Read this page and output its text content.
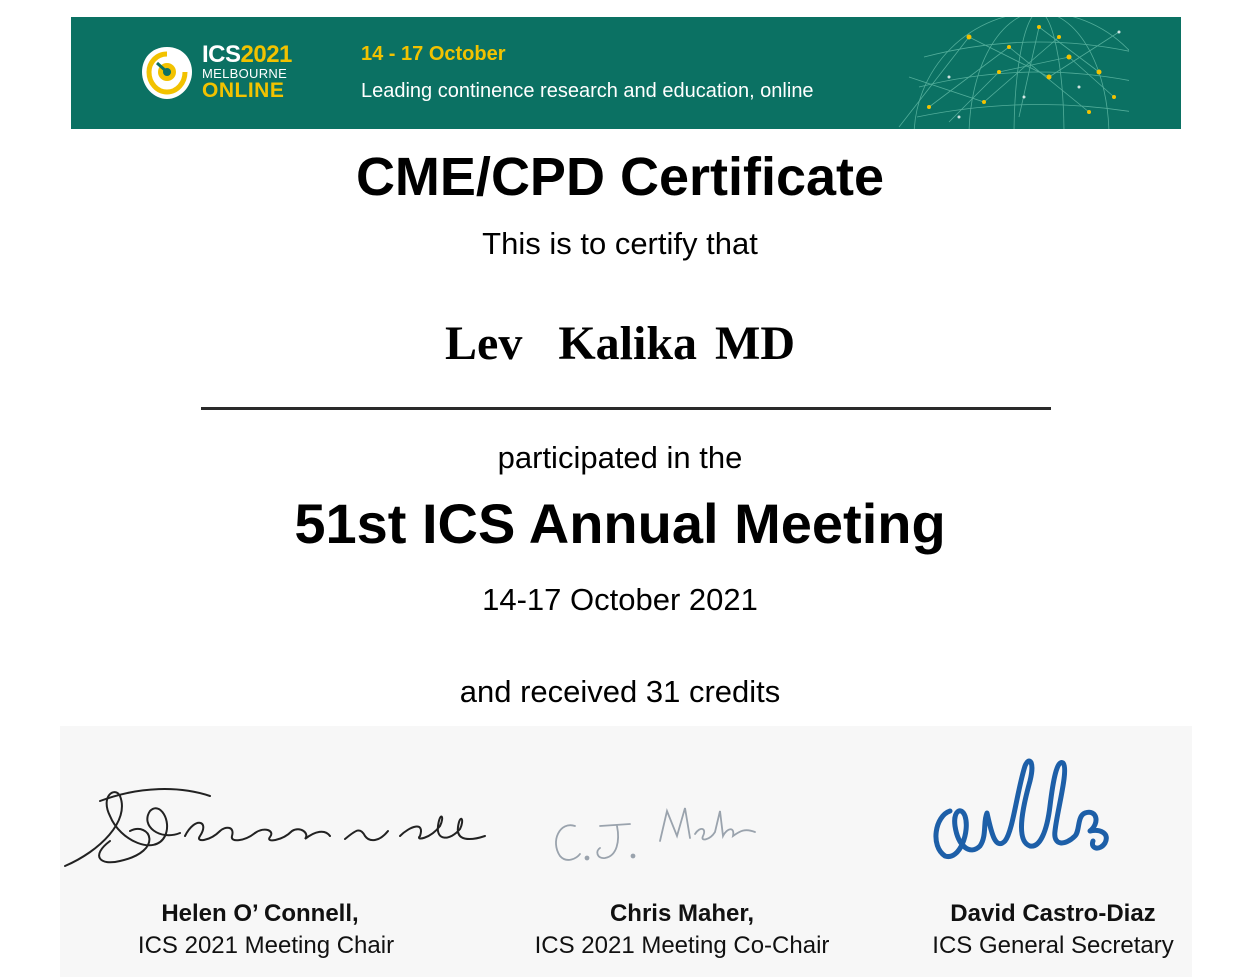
ICS2021
MELBOURNE
ONLINE
14 - 17 October
Leading continence research and education, online
CME/CPD Certificate
This is to certify that
Lev  Kalika MD
participated in the
51st ICS Annual Meeting
14-17 October 2021
and received 31 credits
Helen O’ Connell,
ICS 2021 Meeting Chair
Chris Maher,
ICS 2021 Meeting Co-Chair
David Castro-Diaz
ICS General Secretary
